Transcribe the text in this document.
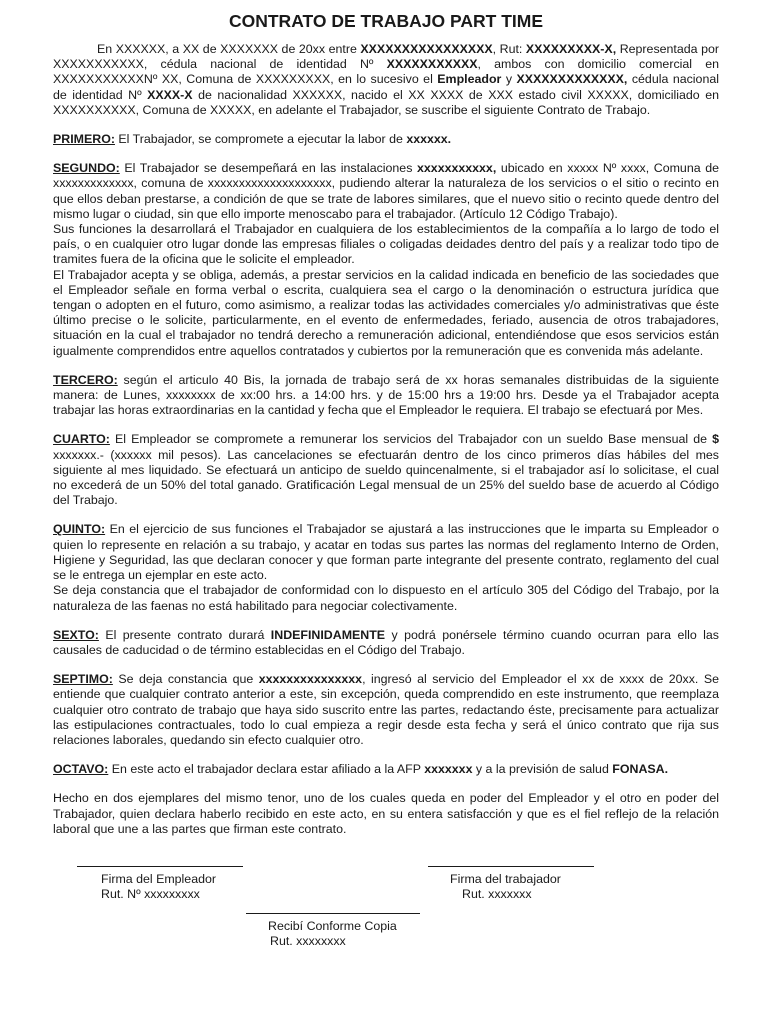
CONTRATO DE TRABAJO PART TIME

En XXXXXX, a XX de XXXXXXX de 20xx entre XXXXXXXXXXXXXXXX, Rut: XXXXXXXXX-X, Representada por XXXXXXXXXXX, cédula nacional de identidad Nº XXXXXXXXXXX, ambos con domicilio comercial en XXXXXXXXXXXNº XX, Comuna de XXXXXXXXX, en lo sucesivo el Empleador y XXXXXXXXXXXXX, cédula nacional de identidad Nº XXXX-X de nacionalidad XXXXXX, nacido el XX XXXX de XXX estado civil XXXXX, domiciliado en XXXXXXXXXX, Comuna de XXXXX, en adelante el Trabajador, se suscribe el siguiente Contrato de Trabajo.

PRIMERO: El Trabajador, se compromete a ejecutar la labor de xxxxxx.

SEGUNDO: El Trabajador se desempeñará en las instalaciones xxxxxxxxxxx, ubicado en xxxxx Nº xxxx, Comuna de xxxxxxxxxxxxx, comuna de xxxxxxxxxxxxxxxxxxxx, pudiendo alterar la naturaleza de los servicios o el sitio o recinto en que ellos deban prestarse, a condición de que se trate de labores similares, que el nuevo sitio o recinto quede dentro del mismo lugar o ciudad, sin que ello importe menoscabo para el trabajador. (Artículo 12 Código Trabajo).

Sus funciones la desarrollará el Trabajador en cualquiera de los establecimientos de la compañía a lo largo de todo el país, o en cualquier otro lugar donde las empresas filiales o coligadas deidades dentro del país y a realizar todo tipo de tramites fuera de la oficina que le solicite el empleador.

El Trabajador acepta y se obliga, además, a prestar servicios en la calidad indicada en beneficio de las sociedades que el Empleador señale en forma verbal o escrita, cualquiera sea el cargo o la denominación o estructura jurídica que tengan o adopten en el futuro, como asimismo, a realizar todas las actividades comerciales y/o administrativas que éste último precise o le solicite, particularmente, en el evento de enfermedades, feriado, ausencia de otros trabajadores, situación en la cual el trabajador no tendrá derecho a remuneración adicional, entendiéndose que esos servicios están igualmente comprendidos entre aquellos contratados y cubiertos por la remuneración que es convenida más adelante.

TERCERO: según el articulo 40 Bis, la jornada de trabajo será de xx horas semanales distribuidas de la siguiente manera: de Lunes, xxxxxxxx de xx:00 hrs. a 14:00 hrs. y de 15:00 hrs a 19:00 hrs. Desde ya el Trabajador acepta trabajar las horas extraordinarias en la cantidad y fecha que el Empleador le requiera. El trabajo se efectuará por Mes.

CUARTO: El Empleador se compromete a remunerar los servicios del Trabajador con un sueldo Base mensual de $ xxxxxxx.- (xxxxxx mil pesos). Las cancelaciones se efectuarán dentro de los cinco primeros días hábiles del mes siguiente al mes liquidado. Se efectuará un anticipo de sueldo quincenalmente, si el trabajador así lo solicitase, el cual no excederá de un 50% del total ganado. Gratificación Legal mensual de un 25% del sueldo base de acuerdo al Código del Trabajo.

QUINTO: En el ejercicio de sus funciones el Trabajador se ajustará a las instrucciones que le imparta su Empleador o quien lo represente en relación a su trabajo, y acatar en todas sus partes las normas del reglamento Interno de Orden, Higiene y Seguridad, las que declaran conocer y que forman parte integrante del presente contrato, reglamento del cual se le entrega un ejemplar en este acto.

Se deja constancia que el trabajador de conformidad con lo dispuesto en el artículo 305 del Código del Trabajo, por la naturaleza de las faenas no está habilitado para negociar colectivamente.

SEXTO: El presente contrato durará INDEFINIDAMENTE y podrá ponérsele término cuando ocurran para ello las causales de caducidad o de término establecidas en el Código del Trabajo.

SEPTIMO: Se deja constancia que xxxxxxxxxxxxxxx, ingresó al servicio del Empleador el xx de xxxx de 20xx. Se entiende que cualquier contrato anterior a este, sin excepción, queda comprendido en este instrumento, que reemplaza cualquier otro contrato de trabajo que haya sido suscrito entre las partes, redactando éste, precisamente para actualizar las estipulaciones contractuales, todo lo cual empieza a regir desde esta fecha y será el único contrato que rija sus relaciones laborales, quedando sin efecto cualquier otro.

OCTAVO: En este acto el trabajador declara estar afiliado a la AFP xxxxxxx y a la previsión de salud FONASA.

Hecho en dos ejemplares del mismo tenor, uno de los cuales queda en poder del Empleador y el otro en poder del Trabajador, quien declara haberlo recibido en este acto, en su entera satisfacción y que es el fiel reflejo de la relación laboral que une a las partes que firman este contrato.

Firma del Empleador
Rut. Nº xxxxxxxxx
Firma del trabajador
Rut. xxxxxxx
Recibí Conforme Copia
Rut. xxxxxxxx
